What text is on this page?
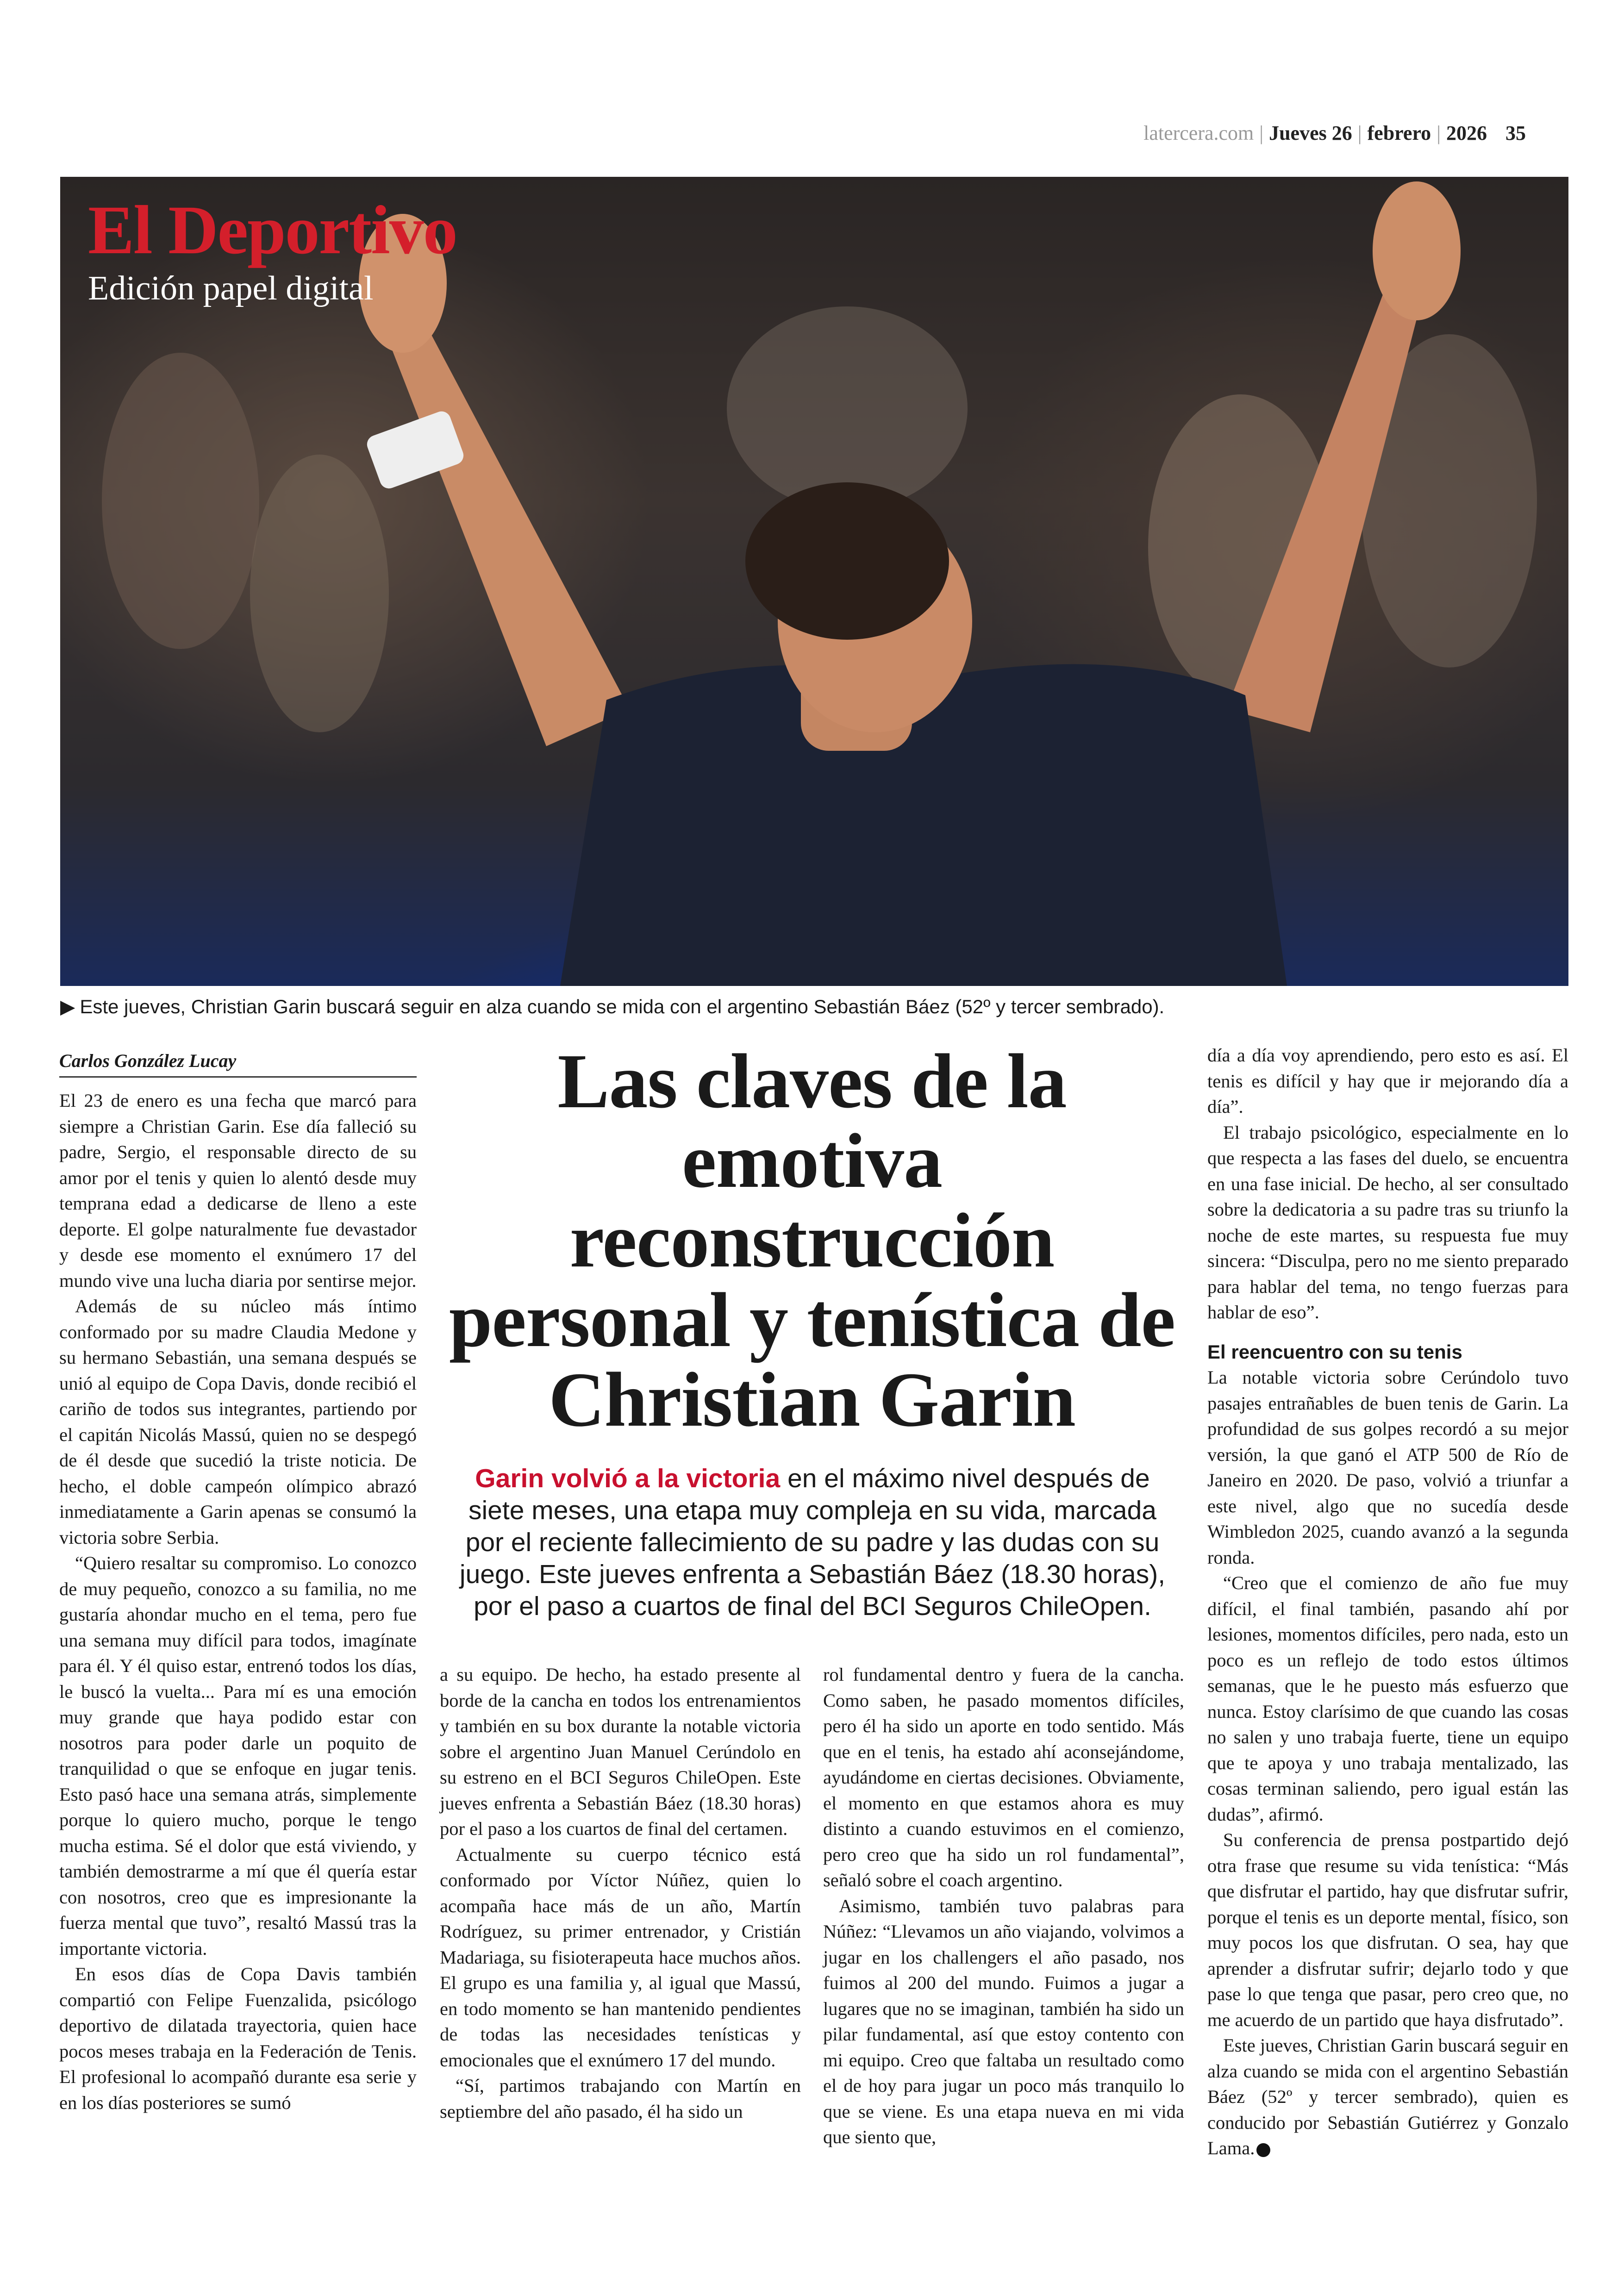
latercera.com | Jueves 26 | febrero | 2026 35
El Deportivo
Edición papel digital
▶ Este jueves, Christian Garin buscará seguir en alza cuando se mida con el argentino Sebastián Báez (52º y tercer sembrado).
Carlos González Lucay	Las claves de la emotiva reconstrucción personal y tenística de Christian Garin
Garin volvió a la victoria en el máximo nivel después de siete meses, una etapa muy compleja en su vida, marcada por el reciente fallecimiento de su padre y las dudas con su juego. Este jueves enfrenta a Sebastián Báez (18.30 horas), por el paso a cuartos de final del BCI Seguros ChileOpen.

El 23 de enero es una fecha que marcó para siempre a Christian Garin. Ese día falleció su padre, Sergio, el responsable directo de su amor por el tenis y quien lo alentó desde muy temprana edad a dedicarse de lleno a este deporte. El golpe naturalmente fue devastador y desde ese momento el exnúmero 17 del mundo vive una lucha diaria por sentirse mejor.

Además de su núcleo más íntimo conformado por su madre Claudia Medone y su hermano Sebastián, una semana después se unió al equipo de Copa Davis, donde recibió el cariño de todos sus integrantes, partiendo por el capitán Nicolás Massú, quien no se despegó de él desde que sucedió la triste noticia. De hecho, el doble campeón olímpico abrazó inmediatamente a Garin apenas se consumó la victoria sobre Serbia.

“Quiero resaltar su compromiso. Lo conozco de muy pequeño, conozco a su familia, no me gustaría ahondar mucho en el tema, pero fue una semana muy difícil para todos, imagínate para él. Y él quiso estar, entrenó todos los días, le buscó la vuelta... Para mí es una emoción muy grande que haya podido estar con nosotros para poder darle un poquito de tranquilidad o que se enfoque en jugar tenis. Esto pasó hace una semana atrás, simplemente porque lo quiero mucho, porque le tengo mucha estima. Sé el dolor que está viviendo, y también demostrarme a mí que él quería estar con nosotros, creo que es impresionante la fuerza mental que tuvo”, resaltó Massú tras la importante victoria.

En esos días de Copa Davis también compartió con Felipe Fuenzalida, psicólogo deportivo de dilatada trayectoria, quien hace pocos meses trabaja en la Federación de Tenis. El profesional lo acompañó durante esa serie y en los días posteriores se sumó

a su equipo. De hecho, ha estado presente al borde de la cancha en todos los entrenamientos y también en su box durante la notable victoria sobre el argentino Juan Manuel Cerúndolo en su estreno en el BCI Seguros ChileOpen. Este jueves enfrenta a Sebastián Báez (18.30 horas) por el paso a los cuartos de final del certamen.

Actualmente su cuerpo técnico está conformado por Víctor Núñez, quien lo acompaña hace más de un año, Martín Rodríguez, su primer entrenador, y Cristián Madariaga, su fisioterapeuta hace muchos años. El grupo es una familia y, al igual que Massú, en todo momento se han mantenido pendientes de todas las necesidades tenísticas y emocionales que el exnúmero 17 del mundo.

“Sí, partimos trabajando con Martín en septiembre del año pasado, él ha sido un

rol fundamental dentro y fuera de la cancha. Como saben, he pasado momentos difíciles, pero él ha sido un aporte en todo sentido. Más que en el tenis, ha estado ahí aconsejándome, ayudándome en ciertas decisiones. Obviamente, el momento en que estamos ahora es muy distinto a cuando estuvimos en el comienzo, pero creo que ha sido un rol fundamental”, señaló sobre el coach argentino.

Asimismo, también tuvo palabras para Núñez: “Llevamos un año viajando, volvimos a jugar en los challengers el año pasado, nos fuimos al 200 del mundo. Fuimos a jugar a lugares que no se imaginan, también ha sido un pilar fundamental, así que estoy contento con mi equipo. Creo que faltaba un resultado como el de hoy para jugar un poco más tranquilo lo que se viene. Es una etapa nueva en mi vida que siento que,

día a día voy aprendiendo, pero esto es así. El tenis es difícil y hay que ir mejorando día a día”.

El trabajo psicológico, especialmente en lo que respecta a las fases del duelo, se encuentra en una fase inicial. De hecho, al ser consultado sobre la dedicatoria a su padre tras su triunfo la noche de este martes, su respuesta fue muy sincera: “Disculpa, pero no me siento preparado para hablar del tema, no tengo fuerzas para hablar de eso”.

El reencuentro con su tenis

La notable victoria sobre Cerúndolo tuvo pasajes entrañables de buen tenis de Garin. La profundidad de sus golpes recordó a su mejor versión, la que ganó el ATP 500 de Río de Janeiro en 2020. De paso, volvió a triunfar a este nivel, algo que no sucedía desde Wimbledon 2025, cuando avanzó a la segunda ronda.

“Creo que el comienzo de año fue muy difícil, el final también, pasando ahí por lesiones, momentos difíciles, pero nada, esto un poco es un reflejo de todo estos últimos semanas, que le he puesto más esfuerzo que nunca. Estoy clarísimo de que cuando las cosas no salen y uno trabaja fuerte, tiene un equipo que te apoya y uno trabaja mentalizado, las cosas terminan saliendo, pero igual están las dudas”, afirmó.

Su conferencia de prensa postpartido dejó otra frase que resume su vida tenística: “Más que disfrutar el partido, hay que disfrutar sufrir, porque el tenis es un deporte mental, físico, son muy pocos los que disfrutan. O sea, hay que aprender a disfrutar sufrir; dejarlo todo y que pase lo que tenga que pasar, pero creo que, no me acuerdo de un partido que haya disfrutado”.

Este jueves, Christian Garin buscará seguir en alza cuando se mida con el argentino Sebastián Báez (52º y tercer sembrado), quien es conducido por Sebastián Gutiérrez y Gonzalo Lama.
